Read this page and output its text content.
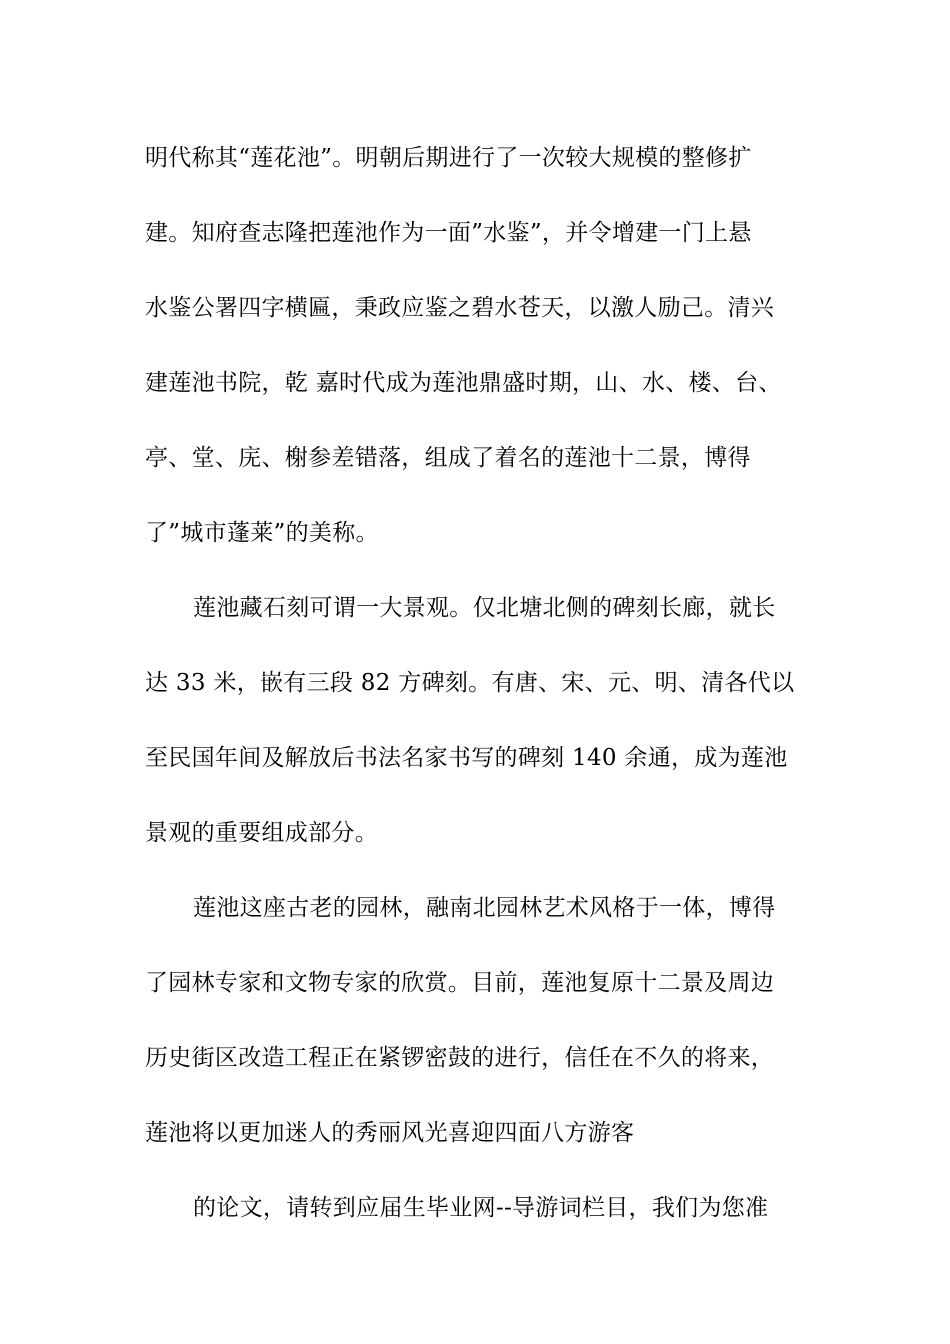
明代称其“莲花池”。明朝后期进行了一次较大规模的整修扩
建。知府查志隆把莲池作为一面”水鉴”，并令增建一门上悬
水鉴公署四字横匾，秉政应鉴之碧水苍天，以激人励己。清兴
建莲池书院，乾 嘉时代成为莲池鼎盛时期，山、水、楼、台、
亭、堂、庑、榭参差错落，组成了着名的莲池十二景，博得
了”城市蓬莱”的美称。
莲池藏石刻可谓一大景观。仅北塘北侧的碑刻长廊，就长
达 33 米，嵌有三段 82 方碑刻。有唐、宋、元、明、清各代以
至民国年间及解放后书法名家书写的碑刻 140 余通，成为莲池
景观的重要组成部分。
莲池这座古老的园林，融南北园林艺术风格于一体，博得
了园林专家和文物专家的欣赏。目前，莲池复原十二景及周边
历史街区改造工程正在紧锣密鼓的进行，信任在不久的将来，
莲池将以更加迷人的秀丽风光喜迎四面八方游客
的论文，请转到应届生毕业网--导游词栏目，我们为您准
